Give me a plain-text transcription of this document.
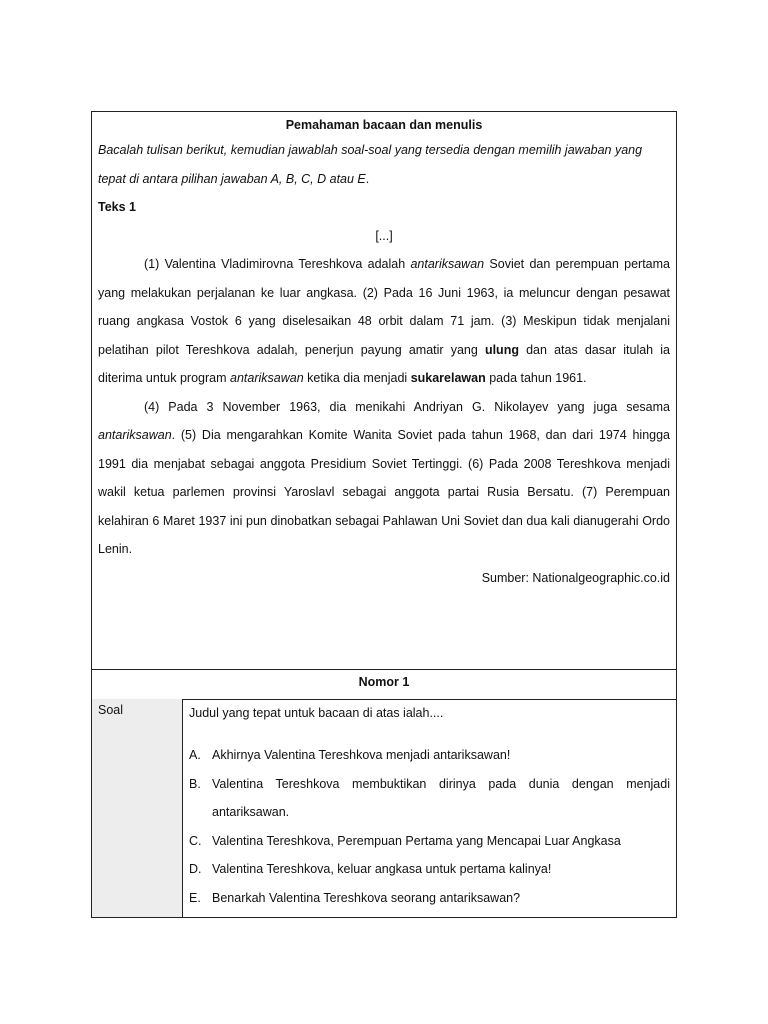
Pemahaman bacaan dan menulis
Bacalah tulisan berikut, kemudian jawablah soal-soal yang tersedia dengan memilih jawaban yang tepat di antara pilihan jawaban A, B, C, D atau E.
Teks 1
[...]
(1) Valentina Vladimirovna Tereshkova adalah antariksawan Soviet dan perempuan pertama yang melakukan perjalanan ke luar angkasa. (2) Pada 16 Juni 1963, ia meluncur dengan pesawat ruang angkasa Vostok 6 yang diselesaikan 48 orbit dalam 71 jam. (3) Meskipun tidak menjalani pelatihan pilot Tereshkova adalah, penerjun payung amatir yang ulung dan atas dasar itulah ia diterima untuk program antariksawan ketika dia menjadi sukarelawan pada tahun 1961.
(4) Pada 3 November 1963, dia menikahi Andriyan G. Nikolayev yang juga sesama antariksawan. (5) Dia mengarahkan Komite Wanita Soviet pada tahun 1968, dan dari 1974 hingga 1991 dia menjabat sebagai anggota Presidium Soviet Tertinggi. (6) Pada 2008 Tereshkova menjadi wakil ketua parlemen provinsi Yaroslavl sebagai anggota partai Rusia Bersatu. (7) Perempuan kelahiran 6 Maret 1937 ini pun dinobatkan sebagai Pahlawan Uni Soviet dan dua kali dianugerahi Ordo Lenin.
Sumber: Nationalgeographic.co.id
Nomor 1
Soal	Judul yang tepat untuk bacaan di atas ialah....
A. Akhirnya Valentina Tereshkova menjadi antariksawan!
B. Valentina Tereshkova membuktikan dirinya pada dunia dengan menjadi antariksawan.
C. Valentina Tereshkova, Perempuan Pertama yang Mencapai Luar Angkasa
D. Valentina Tereshkova, keluar angkasa untuk pertama kalinya!
E. Benarkah Valentina Tereshkova seorang antariksawan?
